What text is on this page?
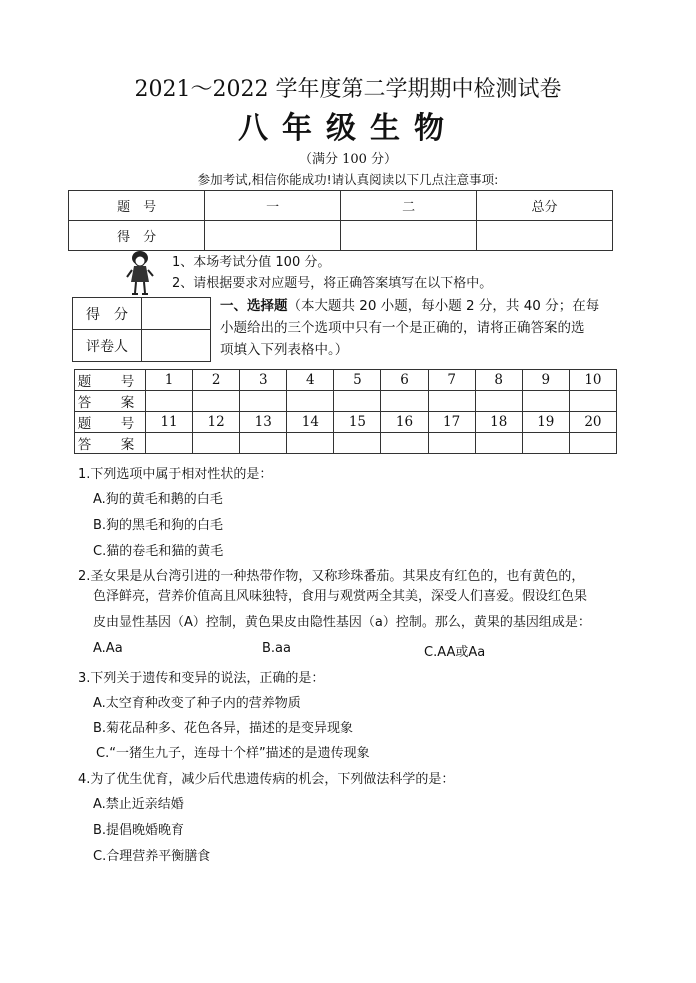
2021～2022 学年度第二学期期中检测试卷
八年级生物
（满分 100 分）
参加考试,相信你能成功!请认真阅读以下几点注意事项:
题　号	一	二	总分
得　分			
1、本场考试分值 100 分。
2、请根据要求对应题号，将正确答案填写在以下格中。
得　分	
评卷人	
一、选择题（本大题共 20 小题，每小题 2 分，共 40 分；在每
小题给出的三个选项中只有一个是正确的，请将正确答案的选
项填入下列表格中。）
题　号	1	2	3	4	5	6	7	8	9	10
答　案										
题　号	11	12	13	14	15	16	17	18	19	20
答　案										
1.下列选项中属于相对性状的是：
A.狗的黄毛和鹅的白毛
B.狗的黑毛和狗的白毛
C.猫的卷毛和猫的黄毛
2.圣女果是从台湾引进的一种热带作物，又称珍珠番茄。其果皮有红色的，也有黄色的，
色泽鲜亮，营养价值高且风味独特，食用与观赏两全其美，深受人们喜爱。假设红色果
皮由显性基因（A）控制，黄色果皮由隐性基因（a）控制。那么，黄果的基因组成是：
A.Aa	B.aa	C.AA或Aa
3.下列关于遗传和变异的说法，正确的是：
A.太空育种改变了种子内的营养物质
B.菊花品种多、花色各异，描述的是变异现象
C.“一猪生九子，连母十个样”描述的是遗传现象
4.为了优生优育，减少后代患遗传病的机会，下列做法科学的是：
A.禁止近亲结婚
B.提倡晚婚晚育
C.合理营养平衡膳食
